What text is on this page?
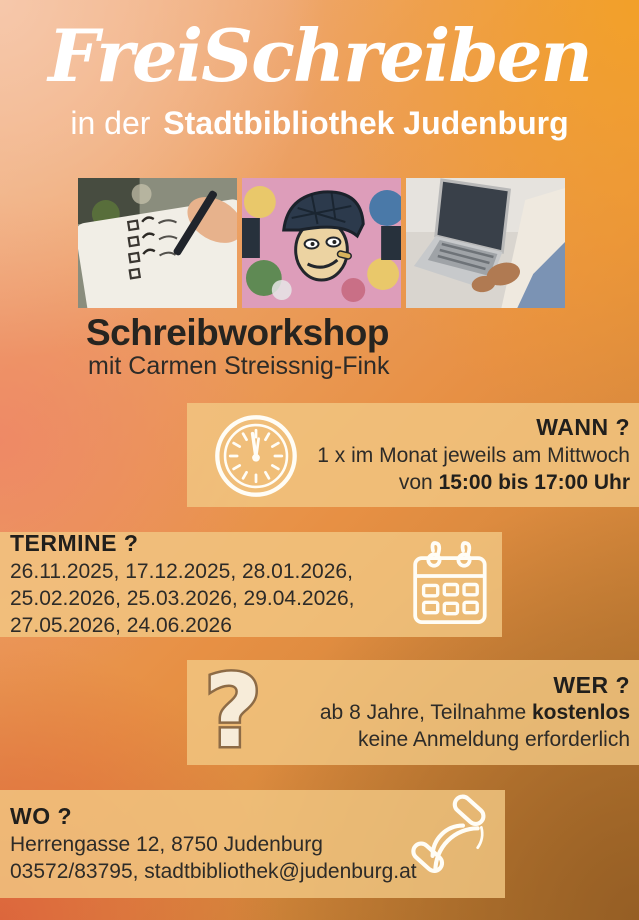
FreiSchreiben
in der Stadtbibliothek Judenburg
Schreibworkshop
mit Carmen Streissnig-Fink
WANN ?
1 x im Monat jeweils am Mittwoch
von 15:00 bis 17:00 Uhr
TERMINE ?
26.11.2025, 17.12.2025, 28.01.2026,
25.02.2026, 25.03.2026, 29.04.2026,
27.05.2026, 24.06.2026
?	WER ?
ab 8 Jahre, Teilnahme kostenlos
keine Anmeldung erforderlich
WO ?
Herrengasse 12, 8750 Judenburg
03572/83795, stadtbibliothek@judenburg.at
